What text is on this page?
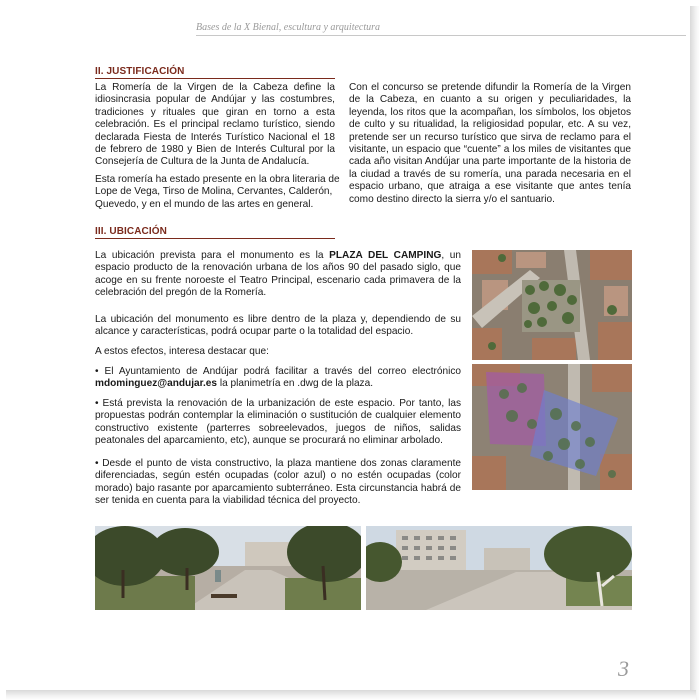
Bases de la X Bienal, escultura y arquitectura
II. JUSTIFICACIÓN

La Romería de la Virgen de la Cabeza define la idiosincrasia popular de Andújar y las costumbres, tradiciones y rituales que giran en torno a esta celebración. Es el principal reclamo turístico, siendo declarada Fiesta de Interés Turístico Nacional el 18 de febrero de 1980 y Bien de Interés Cultural por la Consejería de Cultura de la Junta de Andalucía.

Esta romería ha estado presente en la obra literaria de Lope de Vega, Tirso de Molina, Cervantes, Calderón, Quevedo, y en el mundo de las artes en general.

Con el concurso se pretende difundir la Romería de la Virgen de la Cabeza, en cuanto a su origen y peculiaridades, la leyenda, los ritos que la acompañan, los símbolos, los objetos de culto y su ritualidad, la religiosidad popular, etc. A su vez, pretende ser un recurso turístico que sirva de reclamo para el visitante, un espacio que “cuente” a los miles de visitantes que cada año visitan Andújar una parte importante de la historia de la ciudad a través de su romería, una parada necesaria en el espacio urbano, que atraiga a ese visitante que antes tenía como destino directo la sierra y/o el santuario.

III. UBICACIÓN

La ubicación prevista para el monumento es la PLAZA DEL CAMPING, un espacio producto de la renovación urbana de los años 90 del pasado siglo, que acoge en su frente noroeste el Teatro Principal, escenario cada primavera de la celebración del pregón de la Romería.

La ubicación del monumento es libre dentro de la plaza y, dependiendo de su alcance y características, podrá ocupar parte o la totalidad del espacio.

A estos efectos, interesa destacar que:

• El Ayuntamiento de Andújar podrá facilitar a través del correo electrónico mdominguez@andujar.es la planimetría en .dwg de la plaza.

• Está prevista la renovación de la urbanización de este espacio. Por tanto, las propuestas podrán contemplar la eliminación o sustitución de cualquier elemento constructivo existente (parterres sobreelevados, juegos de niños, salidas peatonales del aparcamiento, etc), aunque se procurará no eliminar arbolado.

• Desde el punto de vista constructivo, la plaza mantiene dos zonas claramente diferenciadas, según estén ocupadas (color azul) o no estén ocupadas (color morado) bajo rasante por aparcamiento subterráneo. Esta circunstancia habrá de ser tenida en cuenta para la viabilidad técnica del proyecto.

3
